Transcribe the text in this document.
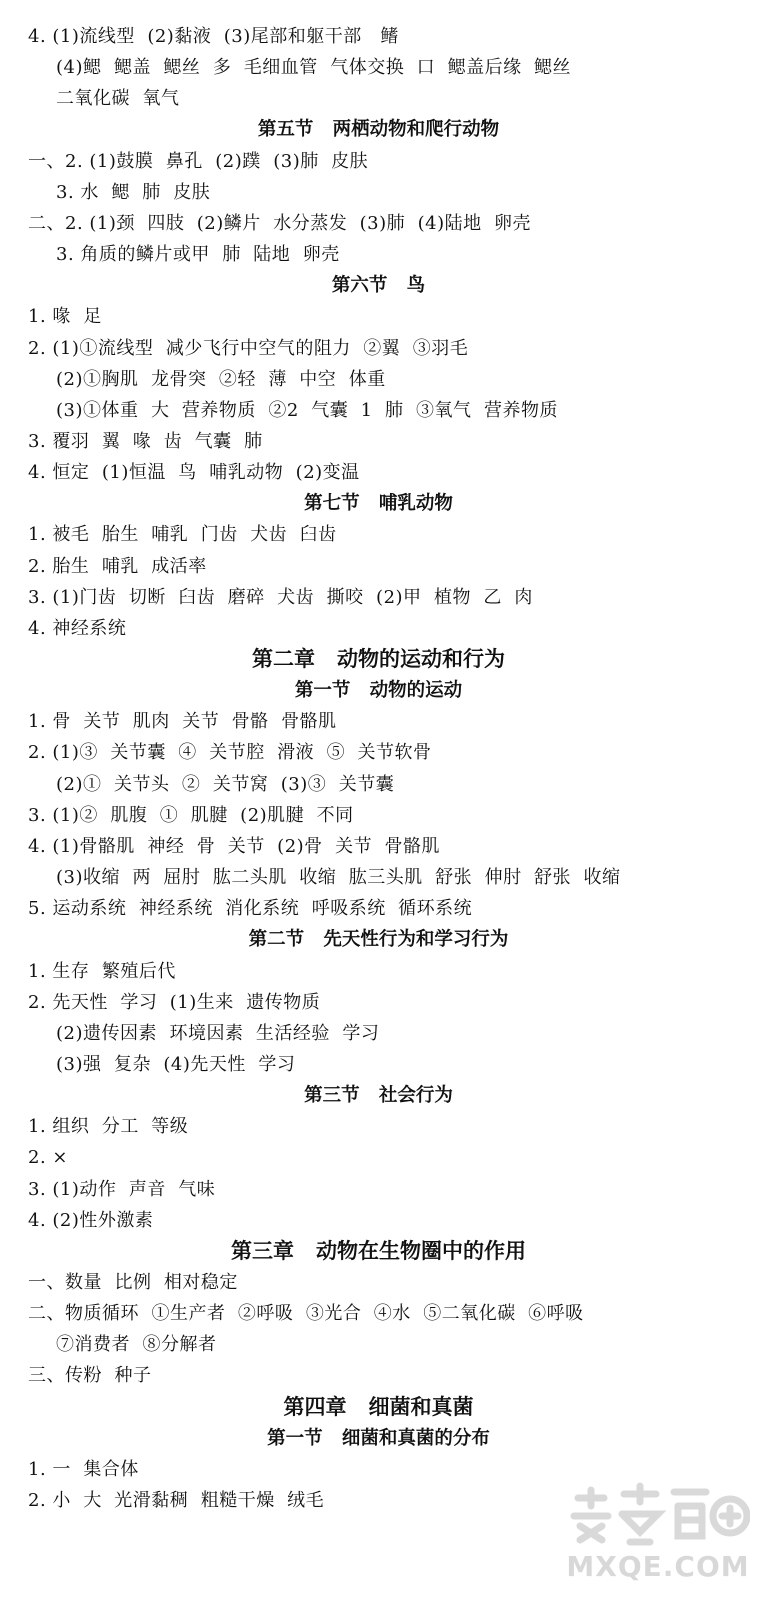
4. (1)流线型  (2)黏液  (3)尾部和躯干部   鳍
(4)鳃  鳃盖  鳃丝  多  毛细血管  气体交换  口  鳃盖后缘  鳃丝
二氧化碳  氧气
第五节   两栖动物和爬行动物
一、2. (1)鼓膜  鼻孔  (2)蹼  (3)肺  皮肤
3. 水  鳃  肺  皮肤
二、2. (1)颈  四肢  (2)鳞片  水分蒸发  (3)肺  (4)陆地  卵壳
3. 角质的鳞片或甲  肺  陆地  卵壳
第六节   鸟
1. 喙  足
2. (1)①流线型  减少飞行中空气的阻力  ②翼  ③羽毛
(2)①胸肌  龙骨突  ②轻  薄  中空  体重
(3)①体重  大  营养物质  ②2  气囊  1  肺  ③氧气  营养物质
3. 覆羽  翼  喙  齿  气囊  肺
4. 恒定  (1)恒温  鸟  哺乳动物  (2)变温
第七节   哺乳动物
1. 被毛  胎生  哺乳  门齿  犬齿  臼齿
2. 胎生  哺乳  成活率
3. (1)门齿  切断  臼齿  磨碎  犬齿  撕咬  (2)甲  植物  乙  肉
4. 神经系统
第二章   动物的运动和行为
第一节   动物的运动
1. 骨  关节  肌肉  关节  骨骼  骨骼肌
2. (1)③  关节囊  ④  关节腔  滑液  ⑤  关节软骨
(2)①  关节头  ②  关节窝  (3)③  关节囊
3. (1)②  肌腹  ①  肌腱  (2)肌腱  不同
4. (1)骨骼肌  神经  骨  关节  (2)骨  关节  骨骼肌
(3)收缩  两  屈肘  肱二头肌  收缩  肱三头肌  舒张  伸肘  舒张  收缩
5. 运动系统  神经系统  消化系统  呼吸系统  循环系统
第二节   先天性行为和学习行为
1. 生存  繁殖后代
2. 先天性  学习  (1)生来  遗传物质
(2)遗传因素  环境因素  生活经验  学习
(3)强  复杂  (4)先天性  学习
第三节   社会行为
1. 组织  分工  等级
2. ×
3. (1)动作  声音  气味
4. (2)性外激素
第三章   动物在生物圈中的作用
一、数量  比例  相对稳定
二、物质循环  ①生产者  ②呼吸  ③光合  ④水  ⑤二氧化碳  ⑥呼吸
⑦消费者  ⑧分解者
三、传粉  种子
第四章   细菌和真菌
第一节   细菌和真菌的分布
1. 一  集合体
2. 小  大  光滑黏稠  粗糙干燥  绒毛
MXQE.COM
